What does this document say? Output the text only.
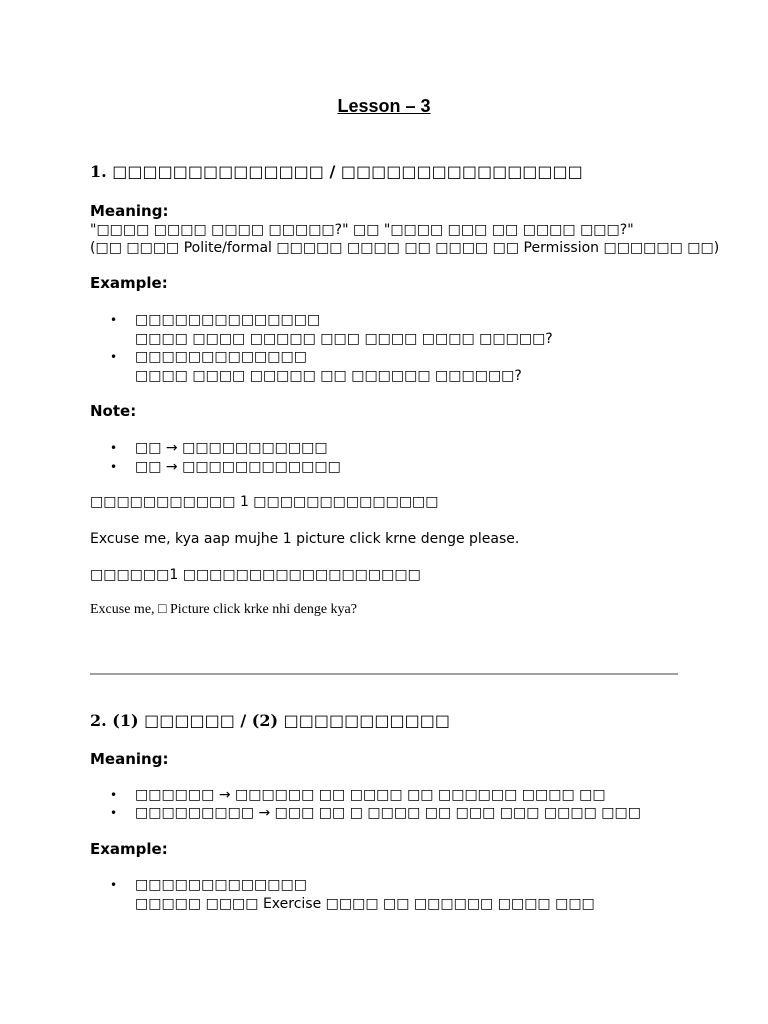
Lesson – 3
1. □□□□□□□□□□□□□□ / □□□□□□□□□□□□□□□□
Meaning:
"□□□□ □□□□ □□□□ □□□□□?" □□ "□□□□ □□□ □□ □□□□ □□□?"
(□□ □□□□ Polite/formal □□□□□ □□□□ □□ □□□□ □□ Permission □□□□□□ □□)
Example:
• □□□□□□□□□□□□□□
□□□□ □□□□ □□□□□ □□□ □□□□ □□□□ □□□□□?
• □□□□□□□□□□□□□
□□□□ □□□□ □□□□□ □□ □□□□□□ □□□□□□?
Note:
• □□ → □□□□□□□□□□□
• □□ → □□□□□□□□□□□□
□□□□□□□□□□□ 1 □□□□□□□□□□□□□□
Excuse me, kya aap mujhe 1 picture click krne denge please.
□□□□□□1 □□□□□□□□□□□□□□□□□□
Excuse me, □ Picture click krke nhi denge kya?
2. (1) □□□□□□ / (2) □□□□□□□□□□□
Meaning:
• □□□□□□ → □□□□□□ □□ □□□□ □□ □□□□□□ □□□□ □□
• □□□□□□□□□ → □□□ □□ □ □□□□ □□ □□□ □□□ □□□□ □□□
Example:
• □□□□□□□□□□□□□
□□□□□ □□□□ Exercise □□□□ □□ □□□□□□ □□□□ □□□
